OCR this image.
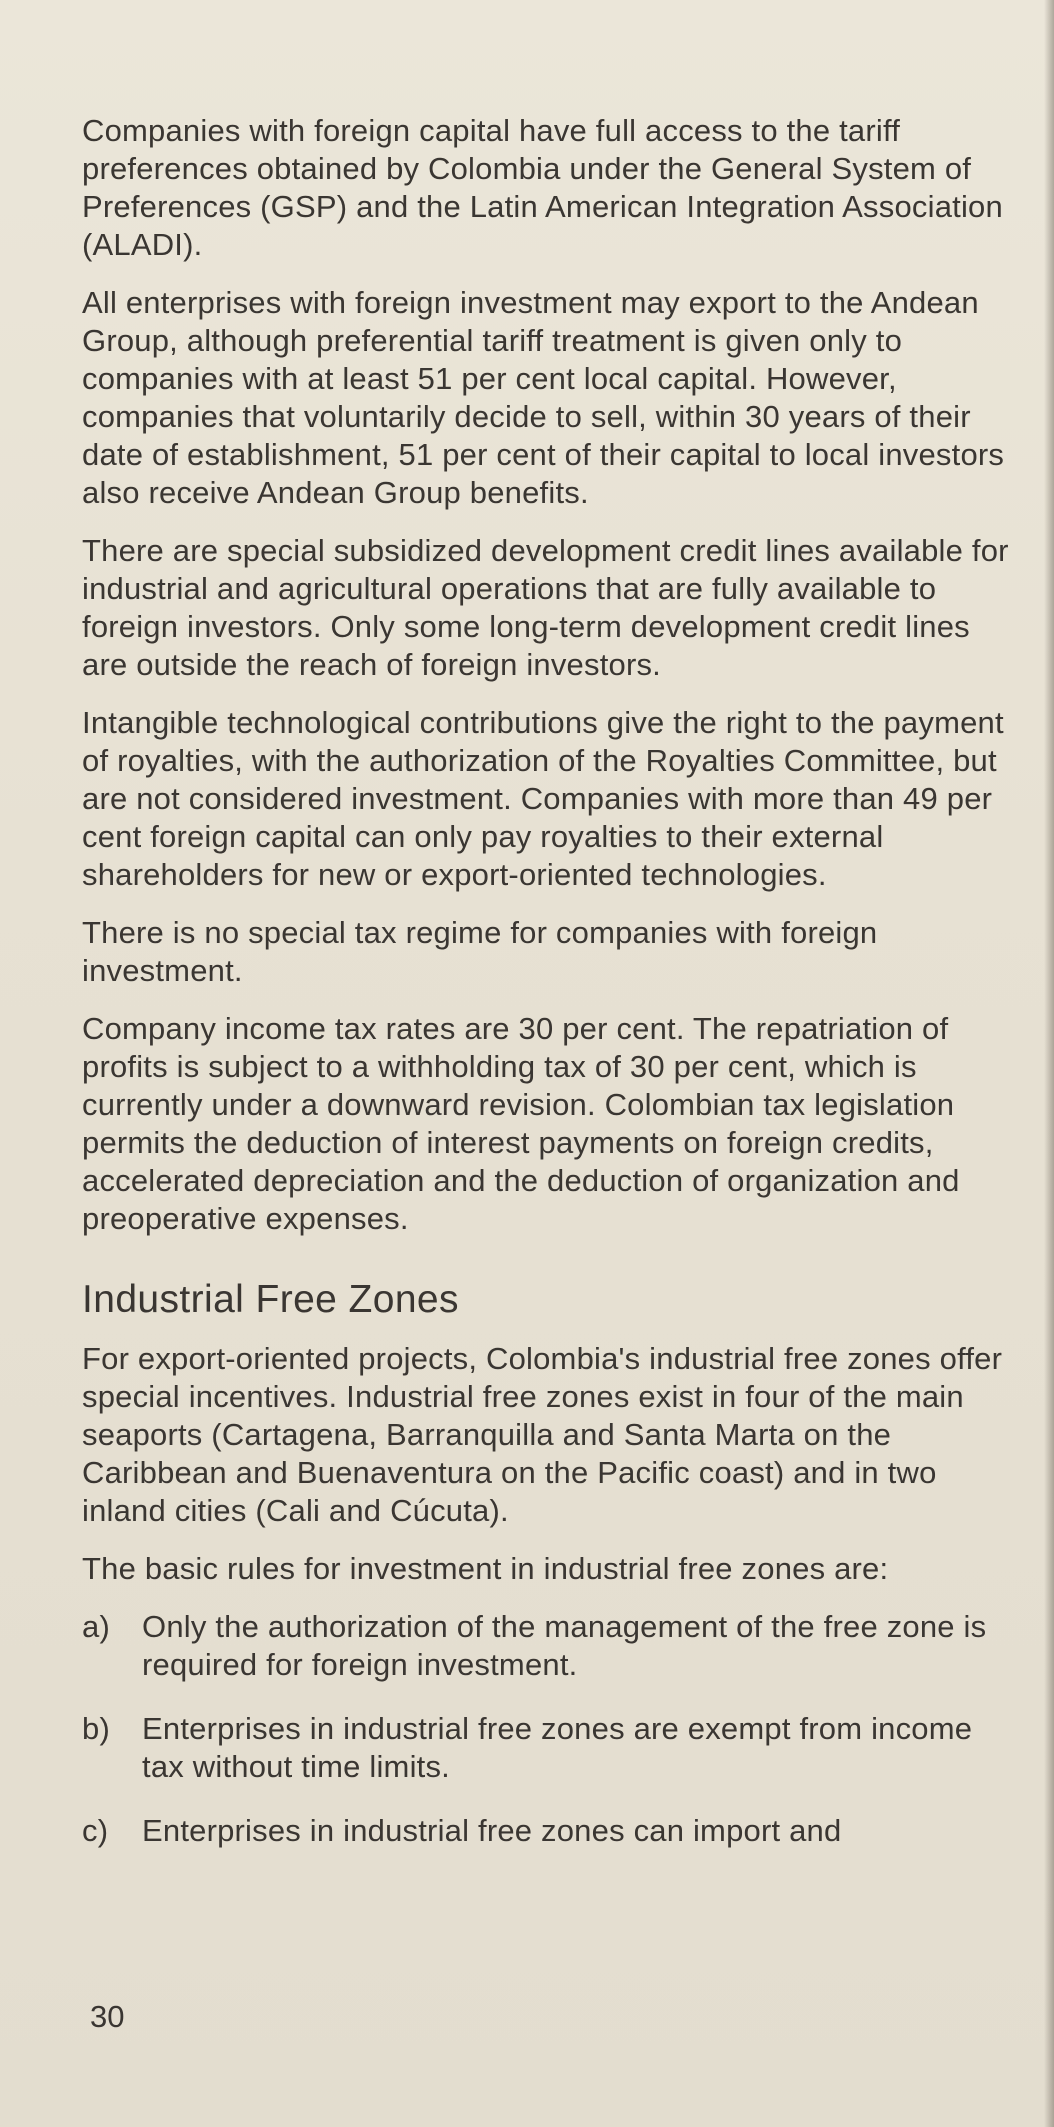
Companies with foreign capital have full access to the tariff preferences obtained by Colombia under the General System of Preferences (GSP) and the Latin American Integration Association (ALADI).

All enterprises with foreign investment may export to the Andean Group, although preferential tariff treatment is given only to companies with at least 51 per cent local capital. However, companies that voluntarily decide to sell, within 30 years of their date of establishment, 51 per cent of their capital to local investors also receive Andean Group benefits.

There are special subsidized development credit lines available for industrial and agricultural operations that are fully available to foreign investors. Only some long-term development credit lines are outside the reach of foreign investors.

Intangible technological contributions give the right to the payment of royalties, with the authorization of the Royalties Committee, but are not considered investment. Companies with more than 49 per cent foreign capital can only pay royalties to their external shareholders for new or export-oriented technologies.

There is no special tax regime for companies with foreign investment.

Company income tax rates are 30 per cent. The repatriation of profits is subject to a withholding tax of 30 per cent, which is currently under a downward revision. Colombian tax legislation permits the deduction of interest payments on foreign credits, accelerated depreciation and the deduction of organization and preoperative expenses.

Industrial Free Zones

For export-oriented projects, Colombia's industrial free zones offer special incentives. Industrial free zones exist in four of the main seaports (Cartagena, Barranquilla and Santa Marta on the Caribbean and Buenaventura on the Pacific coast) and in two inland cities (Cali and Cúcuta).

The basic rules for investment in industrial free zones are:

a) Only the authorization of the management of the free zone is required for foreign investment.
b) Enterprises in industrial free zones are exempt from income tax without time limits.
c) Enterprises in industrial free zones can import and
30
